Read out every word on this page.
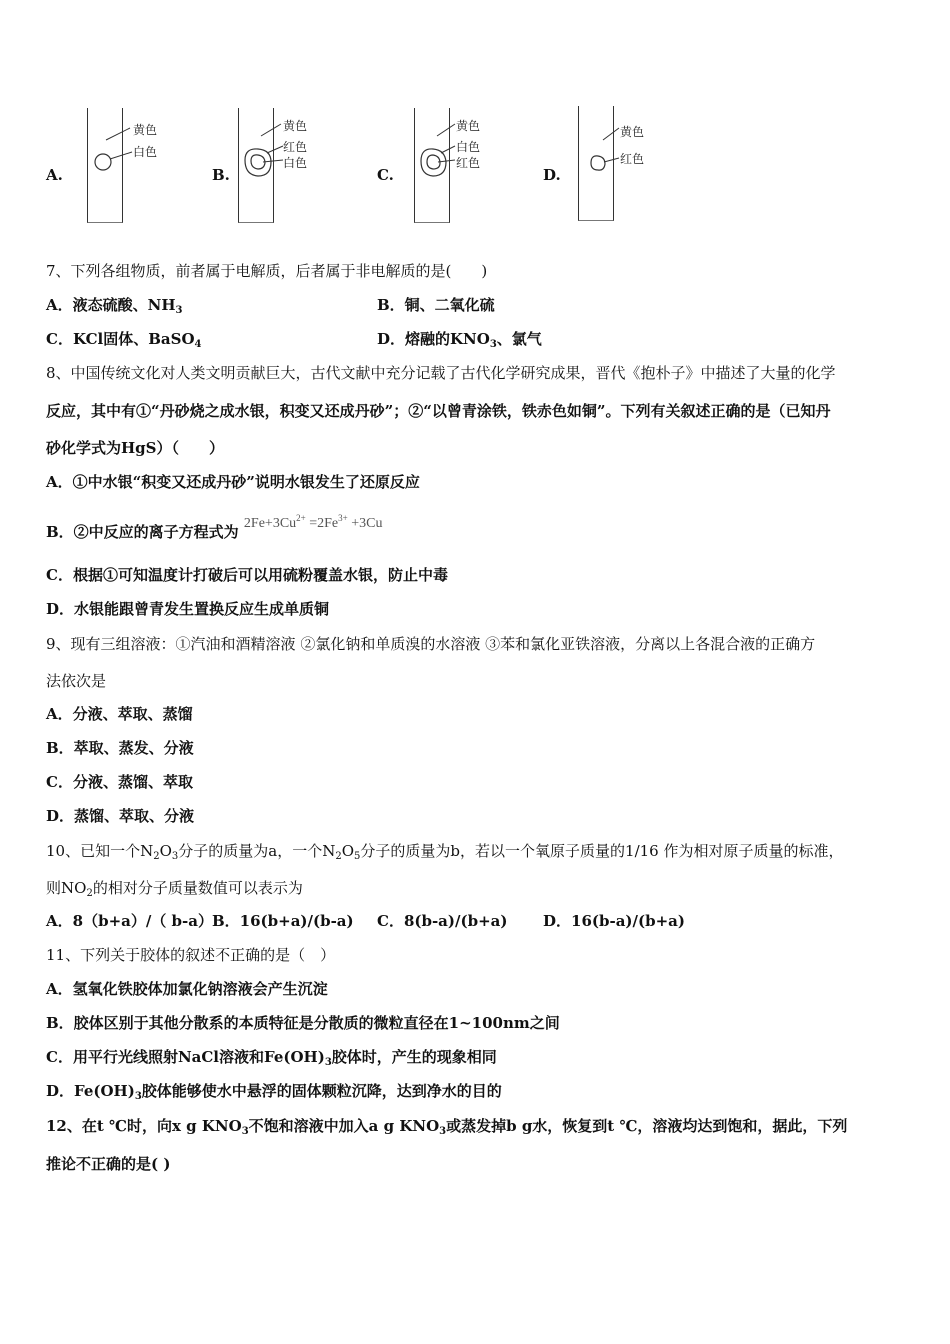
A.
黄色
白色
B.
黄色
红色
白色
C.
黄色
白色
红色
D.
黄色
红色
7、下列各组物质，前者属于电解质，后者属于非电解质的是(　　)
A．液态硫酸、$NH_3$	B．铜、二氧化硫
C．KCl固体、BaSO$_4$	D．熔融的$KNO_3$、氯气
8、中国传统文化对人类文明贡献巨大，古代文献中充分记载了古代化学研究成果，晋代《抱朴子》中描述了大量的化学
反应，其中有①“丹砂烧之成水银，积变又还成丹砂”；②“以曾青涂铁，铁赤色如铜”。下列有关叙述正确的是（已知丹
砂化学式为HgS）（　　）
A．①中水银“积变又还成丹砂”说明水银发生了还原反应
B．②中反应的离子方程式为 $2Fe+3Cu^{2+} =2Fe^{3+} +3Cu$
C．根据①可知温度计打破后可以用硫粉覆盖水银，防止中毒
D．水银能跟曾青发生置换反应生成单质铜
9、现有三组溶液：①汽油和酒精溶液 ②氯化钠和单质溴的水溶液 ③苯和氯化亚铁溶液，分离以上各混合液的正确方
法依次是
A．分液、萃取、蒸馏
B．萃取、蒸发、分液
C．分液、蒸馏、萃取
D．蒸馏、萃取、分液
10、已知一个$N_2O_3$分子的质量为a，一个$N_2O_5$分子的质量为b，若以一个氧原子质量的1/16 作为相对原子质量的标准，
则$NO_2$的相对分子质量数值可以表示为
A．8（b+a）/（ b-a） B．16(b+a)/(b-a) C．8(b-a)/(b+a) D．16(b-a)/(b+a)
11、下列关于胶体的叙述不正确的是（　）
A．氢氧化铁胶体加氯化钠溶液会产生沉淀
B．胶体区别于其他分散系的本质特征是分散质的微粒直径在1~100nm之间
C．用平行光线照射NaCl溶液和$Fe(OH)_3$胶体时，产生的现象相同
D．$Fe(OH)_3$胶体能够使水中悬浮的固体颗粒沉降，达到净水的目的
12、在t ℃时，向x g $KNO_3$不饱和溶液中加入a g $KNO_3$或蒸发掉b g水，恢复到t ℃，溶液均达到饱和，据此，下列
推论不正确的是( )
